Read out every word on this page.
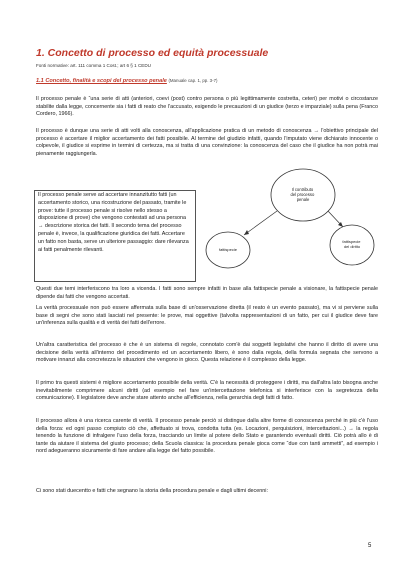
1. Concetto di processo ed equità processuale
Fonti normative: art. 111 comma 1 Cost.; art 6 § 1 CEDU
1.1 Concetto, finalità e scopi del processo penale (Manuale cap. 1, pp. 3-7)

Il processo penale è “una serie di atti (anteriori, coevi (post) contro persona o più legittimamente costretta, ceteri) per motivi o circostanze stabilite dalla legge, concernente sia i fatti di reato che l'accusato, esigendo le precauzioni di un giudice (terzo e imparziale) sulla pena (Franco Cordero, 1966).

Il processo è dunque una serie di atti volti alla conoscenza, all'applicazione pratica di un metodo di conoscenza → l'obiettivo principale del processo è accertare il miglior accertamento dei fatti possibile. Al termine del giudizio infatti, quando l'imputato viene dichiarato innocente o colpevole, il giudice si esprime in termini di certezza, ma si tratta di una convinzione: la conoscenza del caso che il giudice ha non potrà mai pienamente raggiungerla.

Il processo penale serve ad accertare innanzitutto fatti (un accertamento storico, una ricostruzione del passato, tramite le prove: tutte il processo penale si risolve nello stesso a disposizione di prove) che vengono contestati ad una persona → descrizione storica dei fatti. Il secondo tema del processo penale è, invece, la qualificazione giuridica dei fatti. Accertare un fatto non basta, serve un ulteriore passaggio: dare rilevanza ai fatti penalmente rilevanti.

Il contributo del processo penale
fattispecie del diritto
fattispecie

Questi due temi interferiscono tra loro a vicenda. I fatti sono sempre infatti in base alla fattispecie penale a visionare, la fattispecie penale dipende dai fatti che vengono accertati.

La verità processuale non può essere affermata sulla base di un'osservazione diretta (il reato è un evento passato), ma vi si perviene sulla base di segni che sono stati lasciati nel presente: le prove, mai oggettive (talvolta rappresentazioni di un fatto, per cui il giudice deve fare un'inferenza sulla qualità e di verità dei fatti dell'errore.

Un'altra caratteristica del processo è che è un sistema di regole, connotato com'è dai soggetti legislativi che hanno il diritto di avere una decisione della verità all'interno del procedimento ed un accertamento libero, è sono dalla regola, della formula segnata che servono a motivare innanzi alla concretezza le situazioni che vengono in gioco. Questa relazione è il complesso della legge.

Il primo tra questi sistemi è migliore accertamento possibile della verità. C'è la necessità di proteggere i diritti, ma dall'altra lato bisogna anche inevitabilmente comprimere alcuni diritti (ad esempio nel fare un'intercettazione telefonica si interferisce con la segretezza della comunicazione). Il legislatore deve anche stare attento anche all'efficienza, nella gerarchia degli fatti di fatto.

Il processo allora è una ricerca carente di verità. Il processo penale perciò si distingue dalla altre forme di conoscenza perché in più c'è l'uso della forza: ed ogni passo compiuto ciò che, affettuato si trova, condotta tutta (es. Locazioni, perquisizioni, intercettazioni...) → la regola tenendo la funzione di infralgere l'uso della forza, tracciando un limite al potere dello Stato e garantendo eventuali diritti. Ciò potrà allo è di tante da aiutare il sistema del giusto processo; della Scuola classica: la procedura penale gioca come “due con tanti ammetti”, ad esempio i nord adegueranno sicuramente di fare andare alla legge del fatto possibile.

Ci sono stati duecentto e fatti che segnano la storia della procedura penale e dagli ultimi decenni:

5
